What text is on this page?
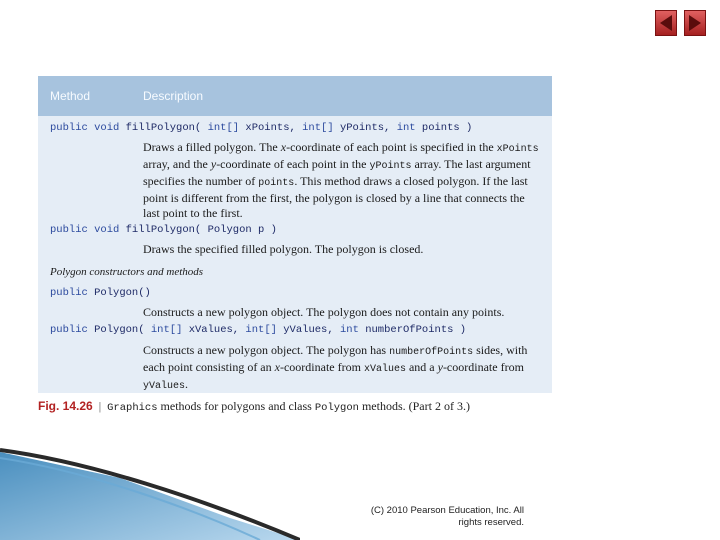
Method	Description
public void fillPolygon( int[] xPoints, int[] yPoints, int points )
Draws a filled polygon. The x-coordinate of each point is specified in the xPoints array, and the y-coordinate of each point in the yPoints array. The last argument specifies the number of points. This method draws a closed polygon. If the last point is different from the first, the polygon is closed by a line that connects the last point to the first.
public void fillPolygon( Polygon p )
Draws the specified filled polygon. The polygon is closed.
Polygon constructors and methods
public Polygon()
Constructs a new polygon object. The polygon does not contain any points.
public Polygon( int[] xValues, int[] yValues, int numberOfPoints )
Constructs a new polygon object. The polygon has numberOfPoints sides, with each point consisting of an x-coordinate from xValues and a y-coordinate from yValues.
Fig. 14.26 | Graphics methods for polygons and class Polygon methods. (Part 2 of 3.)
(C) 2010 Pearson Education, Inc. All
rights reserved.
